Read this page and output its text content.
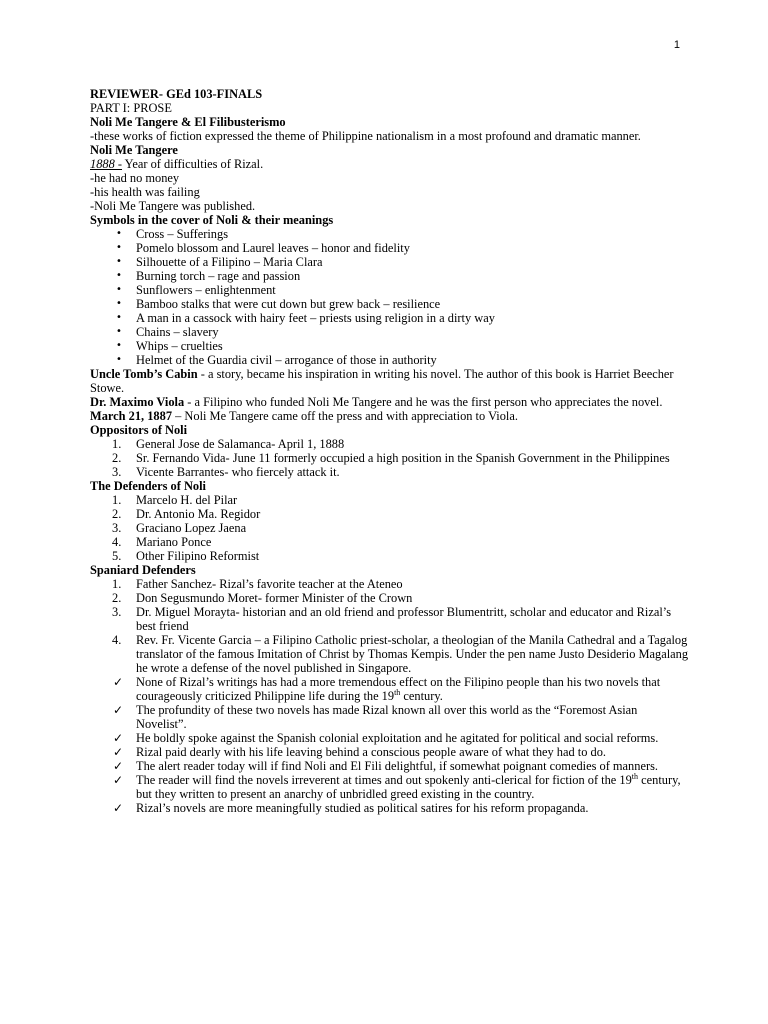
1

REVIEWER- GEd 103-FINALS

PART I: PROSE

Noli Me Tangere & El Filibusterismo

-these works of fiction expressed the theme of Philippine nationalism in a most profound and dramatic manner.

Noli Me Tangere

1888 - Year of difficulties of Rizal.

-he had no money

-his health was failing

-Noli Me Tangere was published.

Symbols in the cover of Noli & their meanings

• Cross – Sufferings
• Pomelo blossom and Laurel leaves – honor and fidelity
• Silhouette of a Filipino – Maria Clara
• Burning torch – rage and passion
• Sunflowers – enlightenment
• Bamboo stalks that were cut down but grew back – resilience
• A man in a cassock with hairy feet – priests using religion in a dirty way
• Chains – slavery
• Whips – cruelties
• Helmet of the Guardia civil – arrogance of those in authority

Uncle Tomb’s Cabin - a story, became his inspiration in writing his novel. The author of this book is Harriet Beecher Stowe.

Dr. Maximo Viola - a Filipino who funded Noli Me Tangere and he was the first person who appreciates the novel.

March 21, 1887 – Noli Me Tangere came off the press and with appreciation to Viola.

Oppositors of Noli

1.	General Jose de Salamanca- April 1, 1888
2.	Sr. Fernando Vida- June 11 formerly occupied a high position in the Spanish Government in the Philippines
3.	Vicente Barrantes- who fiercely attack it.

The Defenders of Noli

1.	Marcelo H. del Pilar
2.	Dr. Antonio Ma. Regidor
3.	Graciano Lopez Jaena
4.	Mariano Ponce
5.	Other Filipino Reformist

Spaniard Defenders

1.	Father Sanchez- Rizal’s favorite teacher at the Ateneo
2.	Don Segusmundo Moret- former Minister of the Crown
3.	Dr. Miguel Morayta- historian and an old friend and professor Blumentritt, scholar and educator and Rizal’s best friend
4.	Rev. Fr. Vicente Garcia – a Filipino Catholic priest-scholar, a theologian of the Manila Cathedral and a Tagalog translator of the famous Imitation of Christ by Thomas Kempis. Under the pen name Justo Desiderio Magalang he wrote a defense of the novel published in Singapore.
✓ None of Rizal’s writings has had a more tremendous effect on the Filipino people than his two novels that courageously criticized Philippine life during the 19th century.
✓ The profundity of these two novels has made Rizal known all over this world as the “Foremost Asian Novelist”.
✓ He boldly spoke against the Spanish colonial exploitation and he agitated for political and social reforms.
✓ Rizal paid dearly with his life leaving behind a conscious people aware of what they had to do.
✓ The alert reader today will if find Noli and El Fili delightful, if somewhat poignant comedies of manners.
✓ The reader will find the novels irreverent at times and out spokenly anti-clerical for fiction of the 19th century, but they written to present an anarchy of unbridled greed existing in the country.
✓ Rizal’s novels are more meaningfully studied as political satires for his reform propaganda.
